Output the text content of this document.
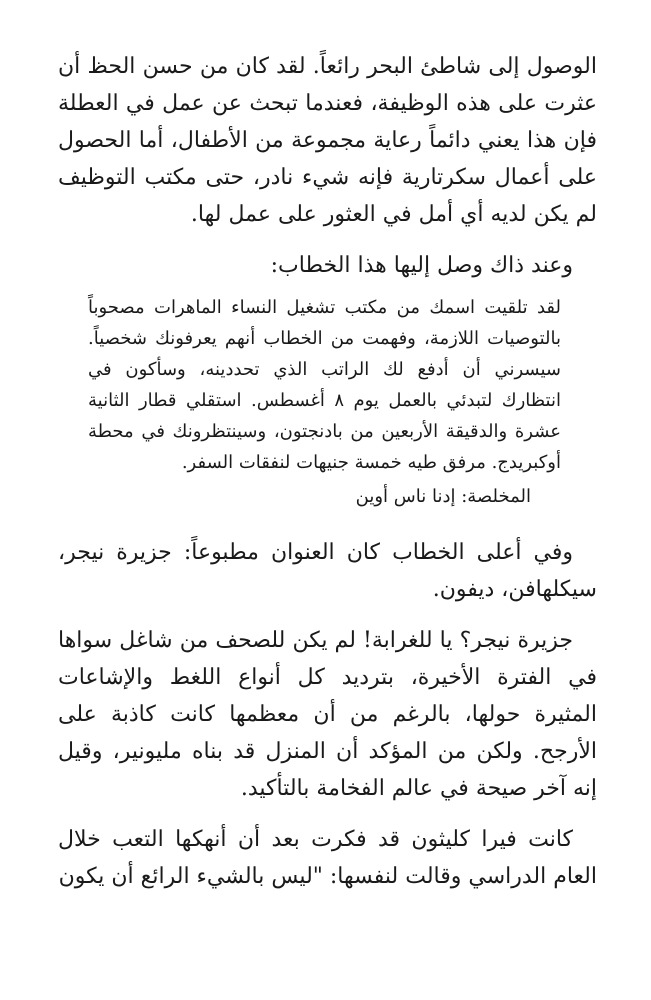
الوصول إلى شاطئ البحر رائعاً. لقد كان من حسن الحظ أن عثرت على هذه الوظيفة، فعندما تبحث عن عمل في العطلة فإن هذا يعني دائماً رعاية مجموعة من الأطفال، أما الحصول على أعمال سكرتارية فإنه شيء نادر، حتى مكتب التوظيف لم يكن لديه أي أمل في العثور على عمل لها.

وعند ذاك وصل إليها هذا الخطاب:

لقد تلقيت اسمك من مكتب تشغيل النساء الماهرات مصحوباً بالتوصيات اللازمة، وفهمت من الخطاب أنهم يعرفونك شخصياً. سيسرني أن أدفع لك الراتب الذي تحددينه، وسأكون في انتظارك لتبدئي بالعمل يوم ٨ أغسطس. استقلي قطار الثانية عشرة والدقيقة الأربعين من بادنجتون، وسينتظرونك في محطة أوكبريدج. مرفق طيه خمسة جنيهات لنفقات السفر.

المخلصة: إدنا ناس أوين

وفي أعلى الخطاب كان العنوان مطبوعاً: جزيرة نيجر، سيكلهافن، ديفون.

جزيرة نيجر؟ يا للغرابة! لم يكن للصحف من شاغل سواها في الفترة الأخيرة، بترديد كل أنواع اللغط والإشاعات المثيرة حولها، بالرغم من أن معظمها كانت كاذبة على الأرجح. ولكن من المؤكد أن المنزل قد بناه مليونير، وقيل إنه آخر صيحة في عالم الفخامة بالتأكيد.

كانت فيرا كليثون قد فكرت بعد أن أنهكها التعب خلال العام الدراسي وقالت لنفسها: "ليس بالشيء الرائع أن يكون
